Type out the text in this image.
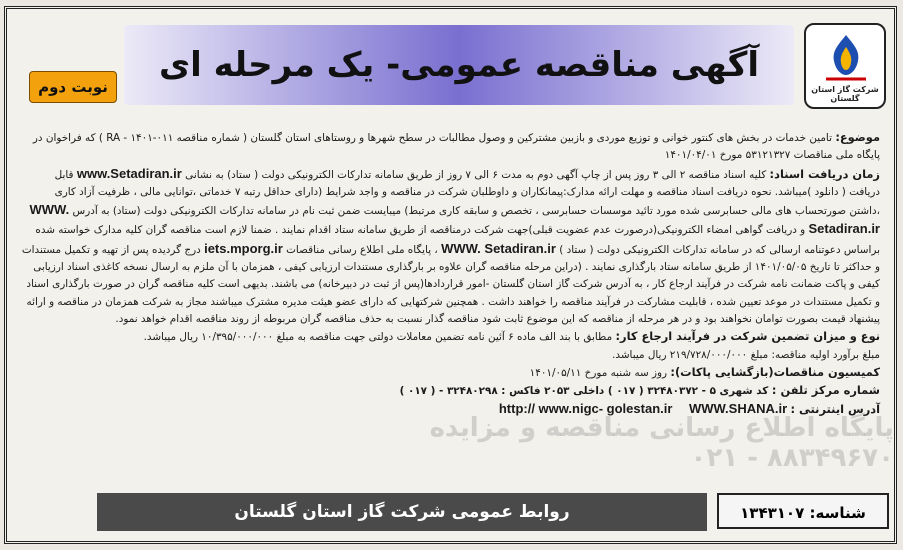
شرکت گاز استان گلستان
آگهی مناقصه عمومی- یک مرحله ای
نوبت دوم

موضوع: تامین خدمات در بخش های کنتور خوانی و توزیع موردی و بازبین مشترکین و وصول مطالبات در سطح شهرها و روستاهای استان گلستان ( شماره مناقصه RA - ۱۴۰۱-۰۱۱ ) که فراخوان در پایگاه ملی مناقصات ۵۳۱۲۱۳۲۷ مورخ ۱۴۰۱/۰۴/۰۱

زمان دریافت اسناد: کلیه اسناد مناقصه ۲ الی ۳ روز پس از چاپ آگهی دوم به مدت ۶ الی ۷ روز از طریق سامانه تدارکات الکترونیکی دولت ( ستاد) به نشانی www.Setadiran.ir قابل دریافت ( دانلود )میباشد. نحوه دریافت اسناد مناقصه و مهلت ارائه مدارک:پیمانکاران و داوطلبان شرکت در مناقصه و واجد شرایط (دارای حداقل رتبه ۷ خدماتی ،توانایی مالی ، ظرفیت آزاد کاری ،داشتن صورتحساب های مالی حسابرسی شده مورد تائید موسسات حسابرسی ، تخصص و سابقه کاری مرتبط) میبایست ضمن ثبت نام در سامانه تدارکات الکترونیکی دولت (ستاد) به آدرس WWW. Setadiran.ir و دریافت گواهی امضاء الکترونیکی(درصورت عدم عضویت قبلی)جهت شرکت درمناقصه از طریق سامانه ستاد اقدام نمایند . ضمنا لازم است مناقصه گران کلیه مدارک خواسته شده براساس دعوتنامه ارسالی که در سامانه تدارکات الکترونیکی دولت ( ستاد ) WWW. Setadiran.ir ، پایگاه ملی اطلاع رسانی مناقصات iets.mporg.ir درج گردیده پس از تهیه و تکمیل مستندات و حداکثر تا تاریخ ۱۴۰۱/۰۵/۰۵ از طریق سامانه ستاد بارگذاری نمایند . (دراین مرحله مناقصه گران علاوه بر بارگذاری مستندات ارزیابی کیفی ، همزمان با آن ملزم به ارسال نسخه کاغذی اسناد ارزیابی کیفی و پاکت ضمانت نامه شرکت در فرآیند ارجاع کار ، به آدرس شرکت گاز استان گلستان -امور قراردادها(پس از ثبت در دبیرخانه) می باشند. بدیهی است کلیه مناقصه گران در صورت بارگذاری اسناد و تکمیل مستندات در موعد تعیین شده ، قابلیت مشارکت در فرآیند مناقصه را خواهند داشت . همچنین شرکتهایی که دارای عضو هیئت مدیره مشترک میباشند مجاز به شرکت همزمان در مناقصه و ارائه پیشنهاد قیمت بصورت توامان نخواهند بود و در هر مرحله از مناقصه که این موضوع ثابت شود مناقصه گذار نسبت به حذف مناقصه گران مربوطه از روند مناقصه اقدام خواهد نمود.

نوع و میزان تضمین شرکت در فرآیند ارجاع کار: مطابق با بند الف ماده ۶ آئین نامه تضمین معاملات دولتی جهت مناقصه به مبلغ ۱۰/۳۹۵/۰۰۰/۰۰۰ ریال میباشد.

مبلغ برآورد اولیه مناقصه: مبلغ ۲۱۹/۷۲۸/۰۰۰/۰۰۰ ریال میباشد.

کمیسیون مناقصات(بازگشایی پاکات): روز سه شنبه مورخ ۱۴۰۱/۰۵/۱۱

شماره مرکز تلفن : کد شهری ۵ - ۳۲۴۸۰۳۷۲ ( ۰۱۷ ) داخلی ۲۰۵۳ فاکس : ۳۲۴۸۰۲۹۸ - ( ۰۱۷ )

آدرس اینترنتی : http:// www.nigc- golestan.ir WWW.SHANA.ir

پایگاه اطلاع رسانی مناقصه و مزایده ۸۸۳۴۹۶۷۰ - ۰۲۱
شناسه: ۱۳۴۳۱۰۷
روابط عمومی شرکت گاز استان گلستان
